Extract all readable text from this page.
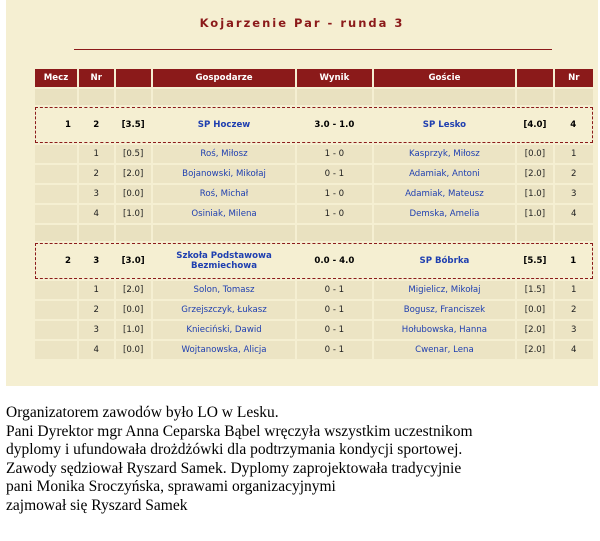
Kojarzenie Par - runda 3
Mecz	Nr		Gospodarze	Wynik	Goście		Nr

1	2	[3.5]	SP Hoczew	3.0 - 1.0	SP Lesko	[4.0]	4
	1	[0.5]	Roś, Miłosz	1 - 0	Kasprzyk, Miłosz	[0.0]	1
	2	[2.0]	Bojanowski, Mikołaj	0 - 1	Adamiak, Antoni	[2.0]	2
	3	[0.0]	Roś, Michał	1 - 0	Adamiak, Mateusz	[1.0]	3
	4	[1.0]	Osiniak, Milena	1 - 0	Demska, Amelia	[1.0]	4

2	3	[3.0]	Szkoła Podstawowa Bezmiechowa	0.0 - 4.0	SP Bóbrka	[5.5]	1
	1	[2.0]	Solon, Tomasz	0 - 1	Migielicz, Mikołaj	[1.5]	1
	2	[0.0]	Grzejszczyk, Łukasz	0 - 1	Bogusz, Franciszek	[0.0]	2
	3	[1.0]	Knieciński, Dawid	0 - 1	Hołubowska, Hanna	[2.0]	3
	4	[0.0]	Wojtanowska, Alicja	0 - 1	Cwenar, Lena	[2.0]	4
Organizatorem zawodów było LO w Lesku.
Pani Dyrektor mgr Anna Ceparska Bąbel wręczyła wszystkim uczestnikom
dyplomy i ufundowała drożdżówki dla podtrzymania kondycji sportowej.
Zawody sędziował Ryszard Samek. Dyplomy zaprojektowała tradycyjnie
pani Monika Sroczyńska, sprawami organizacyjnymi
zajmował się Ryszard Samek
